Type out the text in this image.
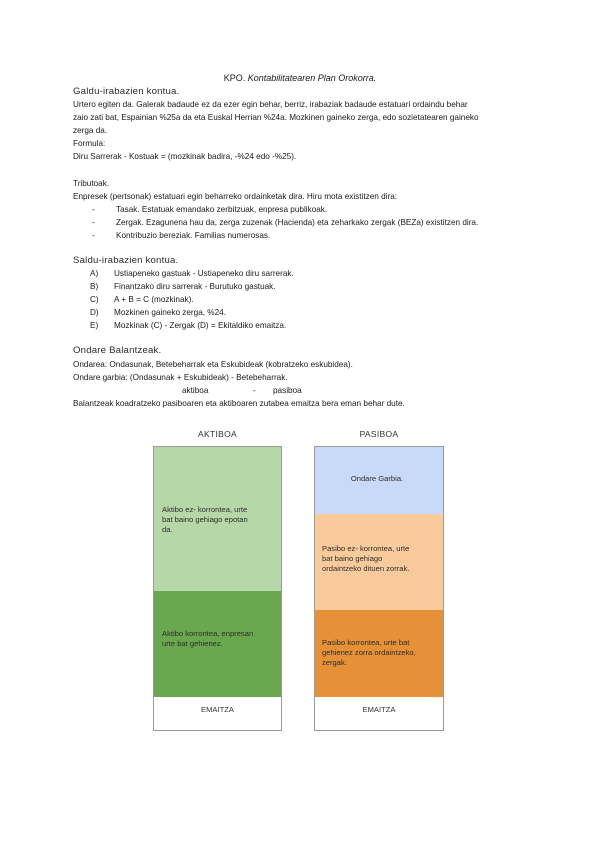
KPO. Kontabilitatearen Plan Orokorra.
Galdu-irabazien kontua.
Urtero egiten da. Galerak badaude ez da ezer egin behar, berriz, irabaziak badaude estatuari ordaindu behar
zaio zati bat, Espainian %25a da eta Euskal Herrian %24a. Mozkinen gaineko zerga, edo sozietatearen gaineko
zerga da.
Formula:
Diru Sarrerak - Kostuak = (mozkinak badira, -%24 edo -%25).
Tributoak.
Enpresek (pertsonak) estatuari egin beharreko ordainketak dira. Hiru mota existitzen dira:
-	Tasak. Estatuak emandako zerbitzuak, enpresa publikoak.
-	Zergak. Ezagunena hau da, zerga zuzenak (Hacienda) eta zeharkako zergak (BEZa) existitzen dira.
-	Kontribuzio bereziak. Familias numerosas.
Saldu-irabazien kontua.
A) Ustiapeneko gastuak - Ustiapeneko diru sarrerak.
B) Finantzako diru sarrerak - Burutuko gastuak.
C) A + B = C (mozkinak).
D) Mozkinen gaineko zerga, %24.
E) Mozkinak (C) - Zergak (D) = Ekitaldiko emaitza.
Ondare Balantzeak.
Ondarea: Ondasunak, Betebeharrak eta Eskubideak (kobratzeko eskubidea).
Ondare garbia: (Ondasunak + Eskubideak) - Betebeharrak.
aktiboa	- pasiboa
Balantzeak koadratzeko pasiboaren eta aktiboaren zutabea emaitza bera eman behar dute.
AKTIBOA
Aktibo ez- korrontea, urte
bat baino gehiago epotan
da.
Aktibo korrontea, enpresan
urte bat gehienez.
EMAITZA
PASIBOA
Ondare Garbia.
Pasibo ez- korrontea, urte
bat baino gehiago
ordaintzeko dituen zorrak.
Pasibo korrontea, urte bat
gehienez zorra ordaintzeko,
zergak.
EMAITZA
